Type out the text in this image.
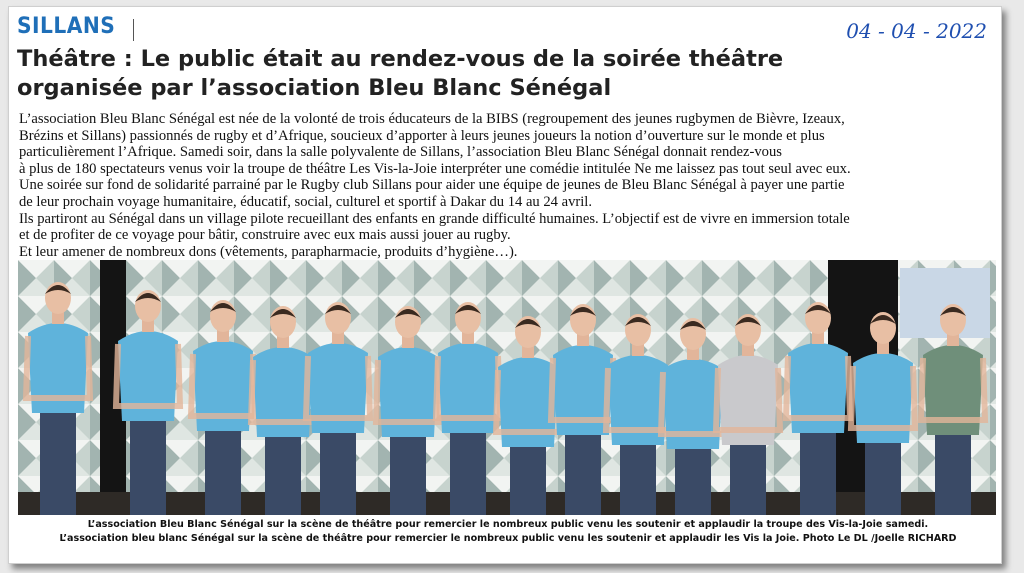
SILLANS	04 - 04 - 2022
Théâtre : Le public était au rendez-vous de la soirée théâtre
organisée par l’association Bleu Blanc Sénégal

L’association Bleu Blanc Sénégal est née de la volonté de trois éducateurs de la BIBS (regroupement des jeunes rugbymen de Bièvre, Izeaux,

Brézins et Sillans) passionnés de rugby et d’Afrique, soucieux d’apporter à leurs jeunes joueurs la notion d’ouverture sur le monde et plus

particulièrement l’Afrique. Samedi soir, dans la salle polyvalente de Sillans, l’association Bleu Blanc Sénégal donnait rendez-vous

à plus de 180 spectateurs venus voir la troupe de théâtre Les Vis-la-Joie interpréter une comédie intitulée Ne me laissez pas tout seul avec eux.

Une soirée sur fond de solidarité parrainé par le Rugby club Sillans pour aider une équipe de jeunes de Bleu Blanc Sénégal à payer une partie

de leur prochain voyage humanitaire, éducatif, social, culturel et sportif à Dakar du 14 au 24 avril.

Ils partiront au Sénégal dans un village pilote recueillant des enfants en grande difficulté humaines. L’objectif est de vivre en immersion totale

et de profiter de ce voyage pour bâtir, construire avec eux mais aussi jouer au rugby.

Et leur amener de nombreux dons (vêtements, parapharmacie, produits d’hygiène…).

L’association Bleu Blanc Sénégal sur la scène de théâtre pour remercier le nombreux public venu les soutenir et applaudir la troupe des Vis-la-Joie samedi.
L’association bleu blanc Sénégal sur la scène de théâtre pour remercier le nombreux public venu les soutenir et applaudir les Vis la Joie. Photo Le DL /Joelle RICHARD
